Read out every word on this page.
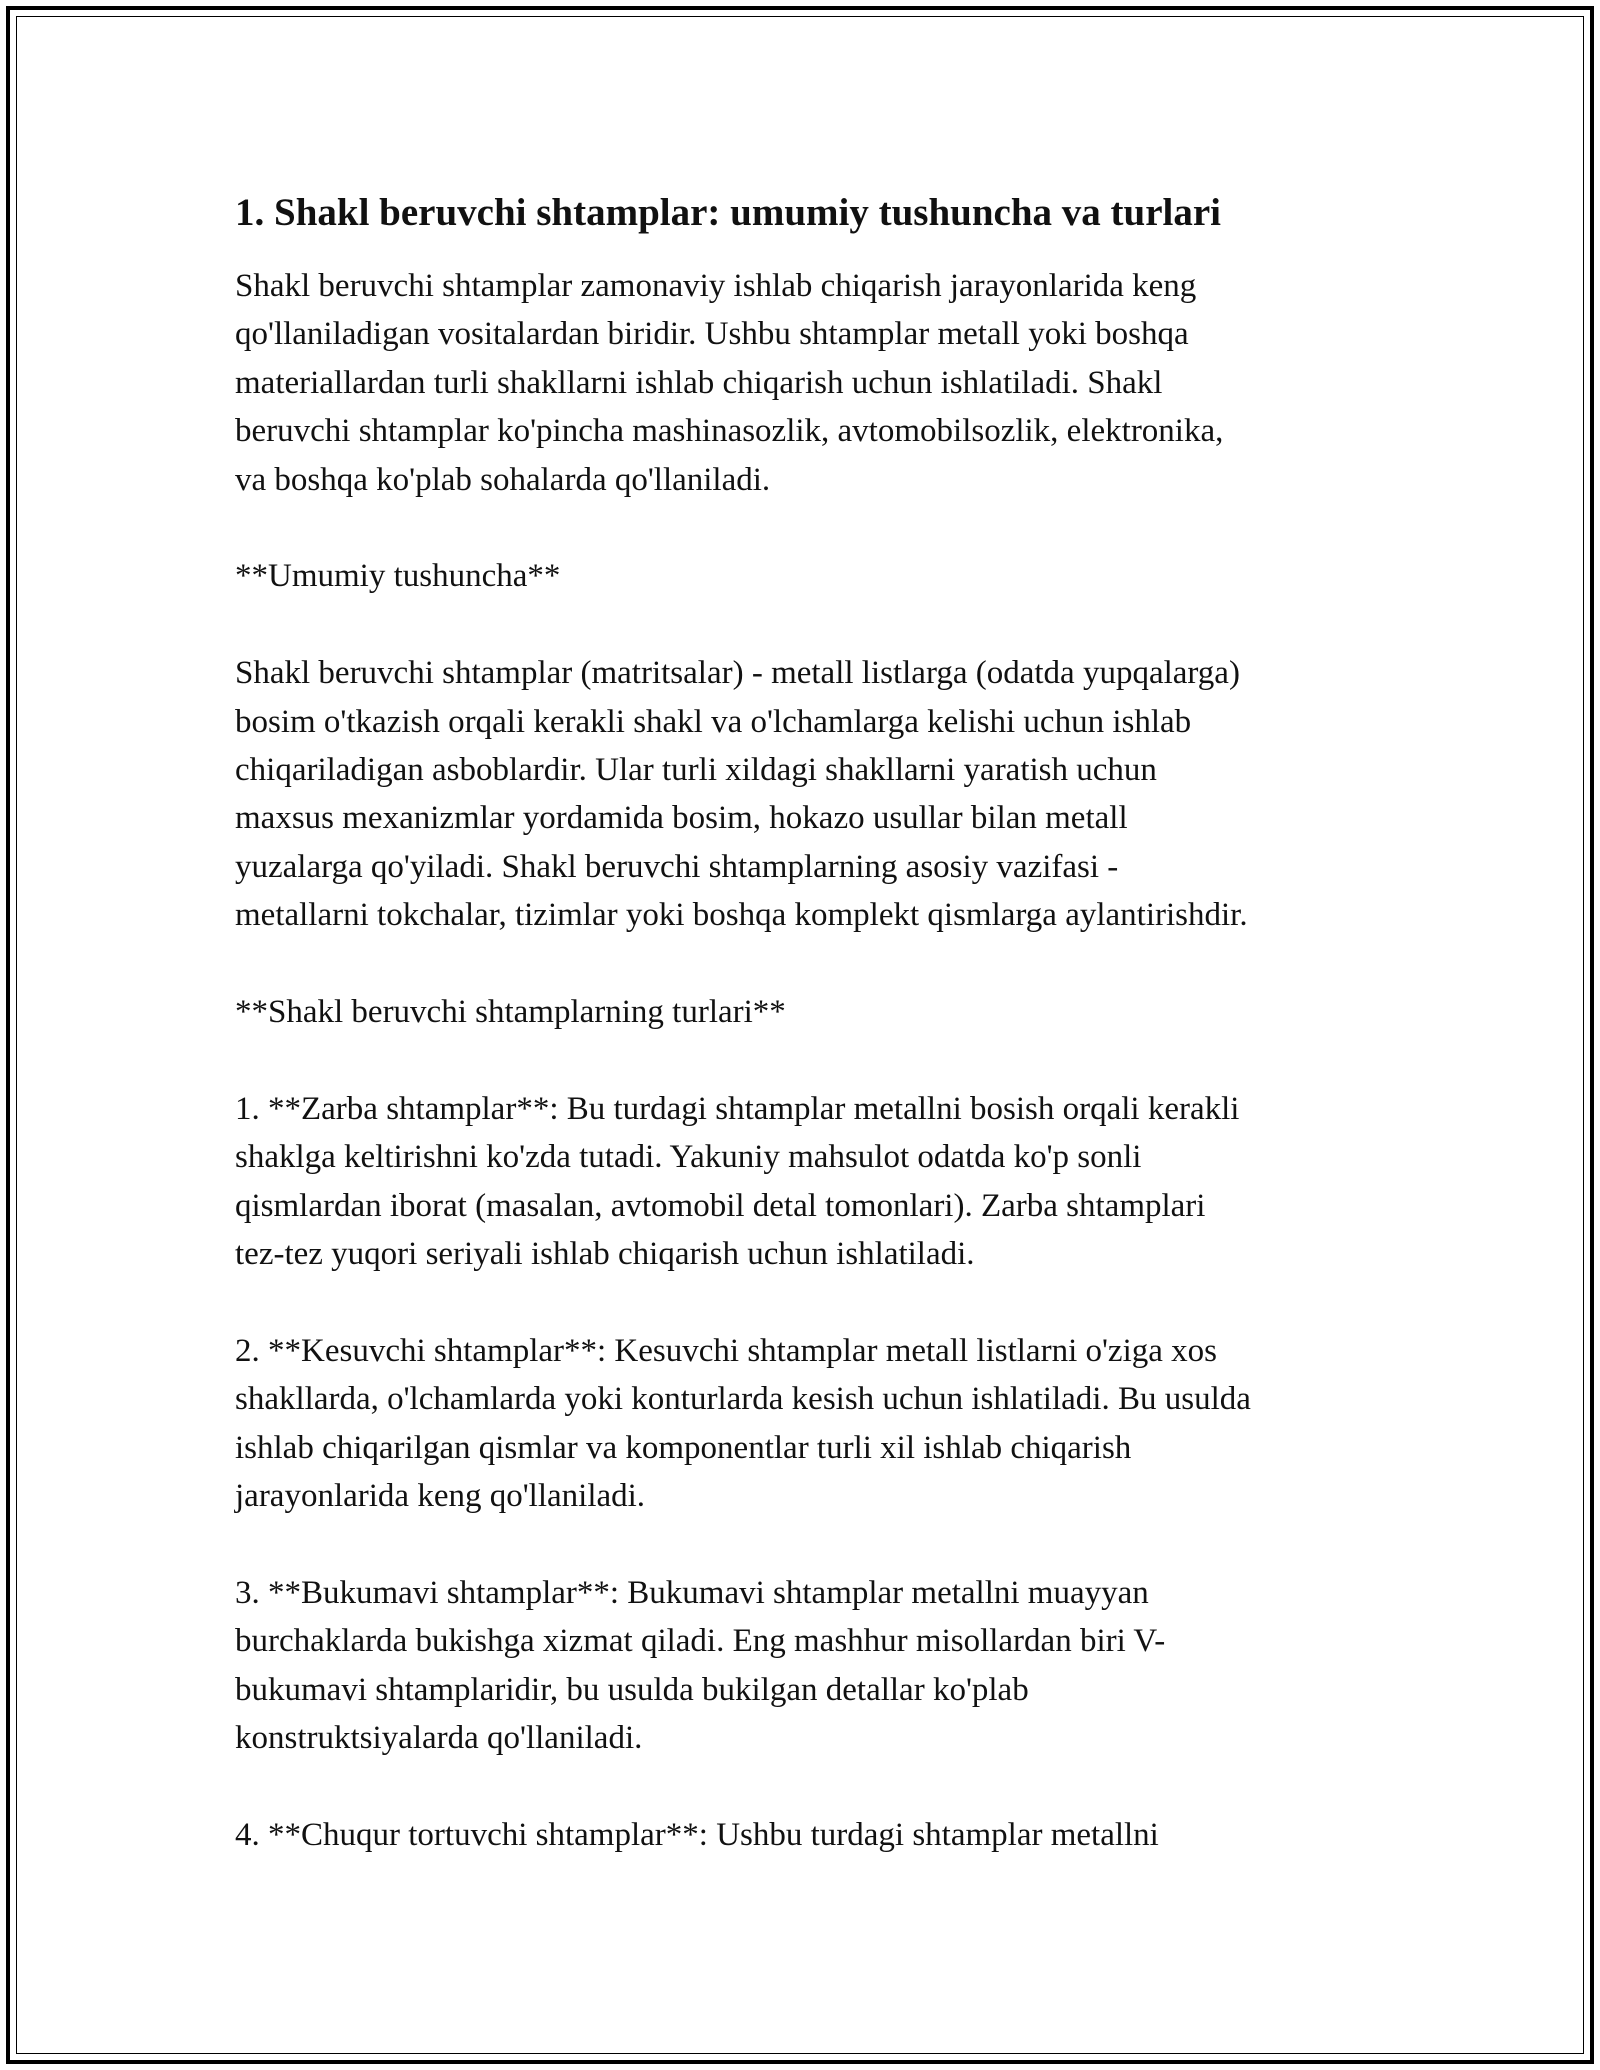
1. Shakl beruvchi shtamplar: umumiy tushuncha va turlari

Shakl beruvchi shtamplar zamonaviy ishlab chiqarish jarayonlarida keng
qo'llaniladigan vositalardan biridir. Ushbu shtamplar metall yoki boshqa
materiallardan turli shakllarni ishlab chiqarish uchun ishlatiladi. Shakl
beruvchi shtamplar ko'pincha mashinasozlik, avtomobilsozlik, elektronika,
va boshqa ko'plab sohalarda qo'llaniladi.

**Umumiy tushuncha**

Shakl beruvchi shtamplar (matritsalar) - metall listlarga (odatda yupqalarga)
bosim o'tkazish orqali kerakli shakl va o'lchamlarga kelishi uchun ishlab
chiqariladigan asboblardir. Ular turli xildagi shakllarni yaratish uchun
maxsus mexanizmlar yordamida bosim, hokazo usullar bilan metall
yuzalarga qo'yiladi. Shakl beruvchi shtamplarning asosiy vazifasi -
metallarni tokchalar, tizimlar yoki boshqa komplekt qismlarga aylantirishdir.

**Shakl beruvchi shtamplarning turlari**

1. **Zarba shtamplar**: Bu turdagi shtamplar metallni bosish orqali kerakli
shaklga keltirishni ko'zda tutadi. Yakuniy mahsulot odatda ko'p sonli
qismlardan iborat (masalan, avtomobil detal tomonlari). Zarba shtamplari
tez-tez yuqori seriyali ishlab chiqarish uchun ishlatiladi.

2. **Kesuvchi shtamplar**: Kesuvchi shtamplar metall listlarni o'ziga xos
shakllarda, o'lchamlarda yoki konturlarda kesish uchun ishlatiladi. Bu usulda
ishlab chiqarilgan qismlar va komponentlar turli xil ishlab chiqarish
jarayonlarida keng qo'llaniladi.

3. **Bukumavi shtamplar**: Bukumavi shtamplar metallni muayyan
burchaklarda bukishga xizmat qiladi. Eng mashhur misollardan biri V-
bukumavi shtamplaridir, bu usulda bukilgan detallar ko'plab
konstruktsiyalarda qo'llaniladi.

4. **Chuqur tortuvchi shtamplar**: Ushbu turdagi shtamplar metallni
